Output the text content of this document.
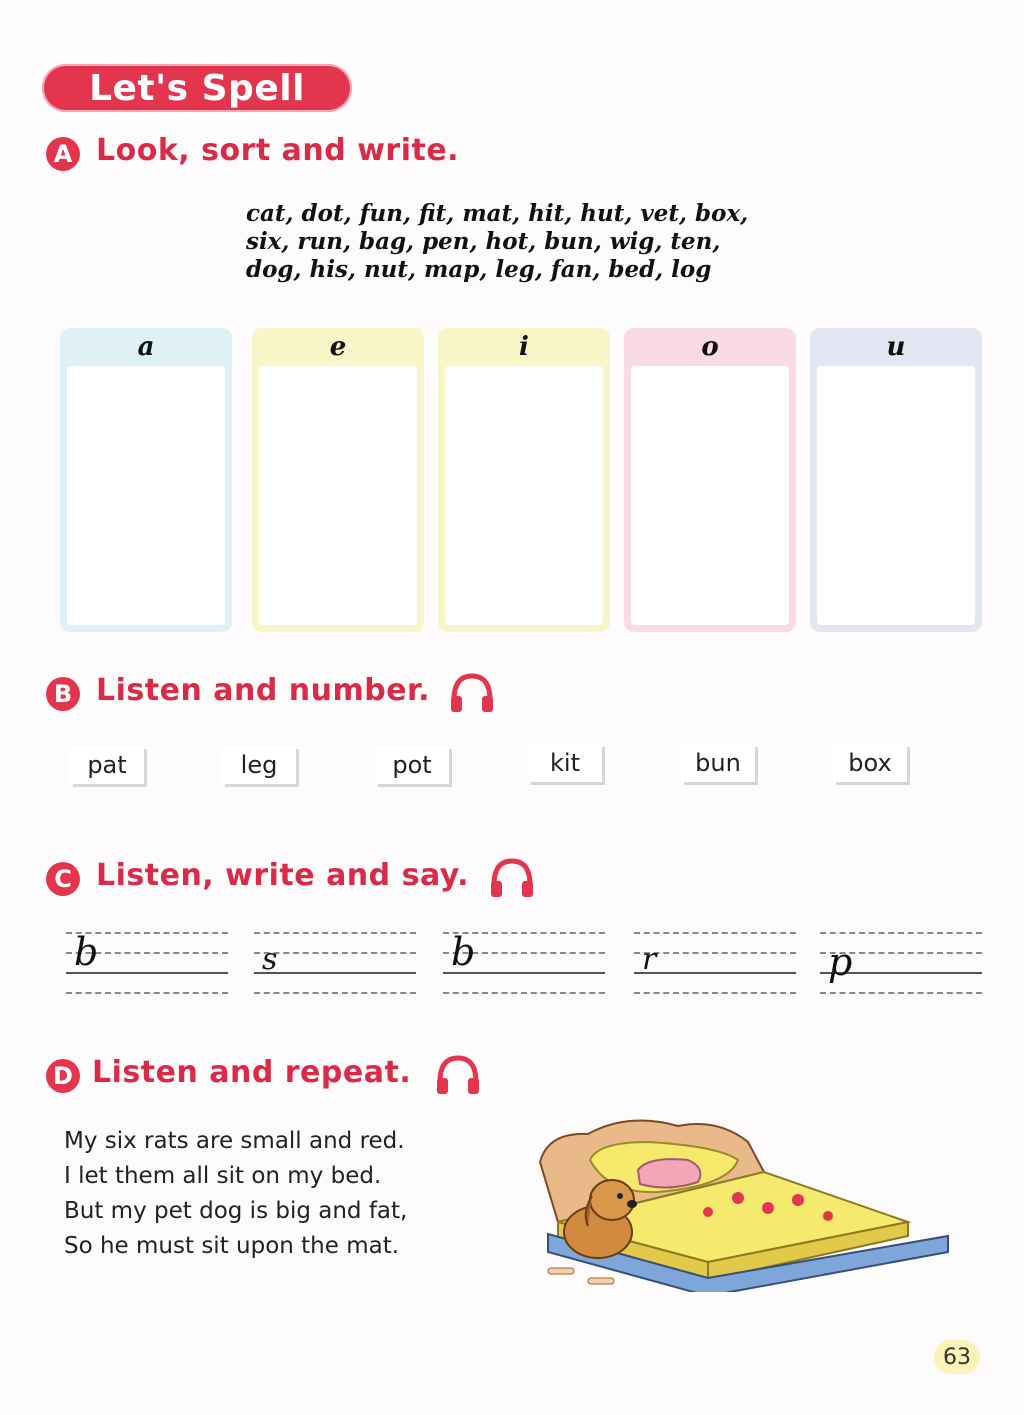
Let's Spell
A Look, sort and write.
cat, dot, fun, fit, mat, hit, hut, vet, box,
six, run, bag, pen, hot, bun, wig, ten,
dog, his, nut, map, leg, fan, bed, log
a	e	i	o	u
B Listen and number.
pat	leg	pot	kit	bun	box
C Listen, write and say.
b	s	b	r	p
D Listen and repeat.
My six rats are small and red.
I let them all sit on my bed.
But my pet dog is big and fat,
So he must sit upon the mat.
63
